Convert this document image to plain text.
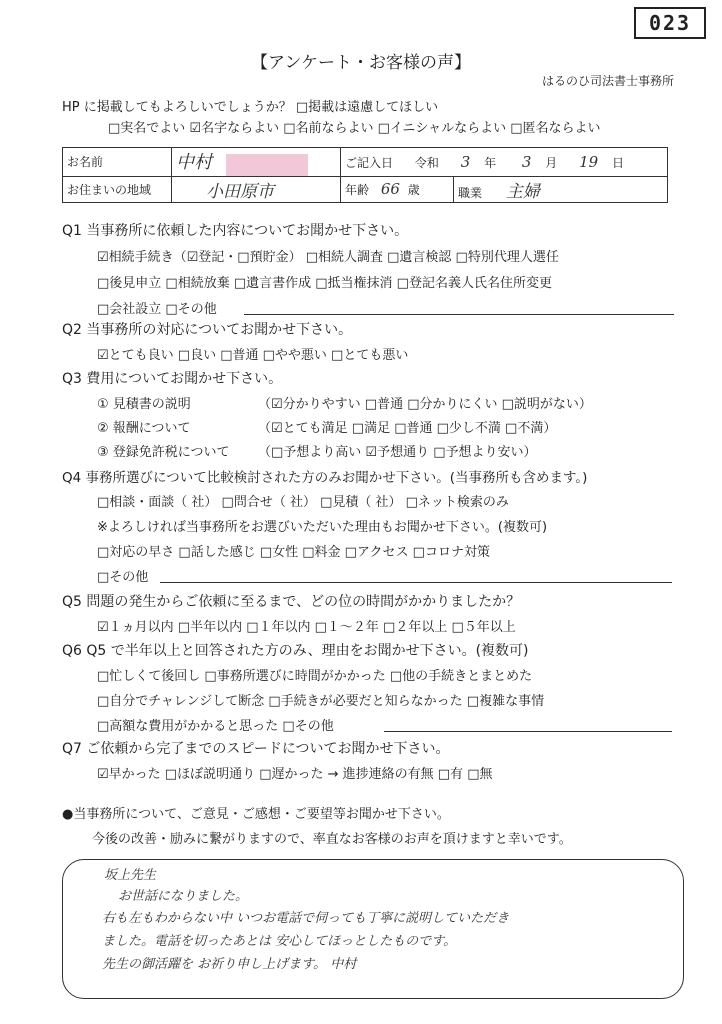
023
【アンケート・お客様の声】
はるのひ司法書士事務所
HP に掲載してもよろしいでしょうか？ □掲載は遠慮してほしい
□実名でよい ☑名字ならよい □名前ならよい □イニシャルならよい □匿名ならよい
お名前	中村	ご記入日 令和 3 年 3 月 19 日	
お住まいの地域	小田原市	年齢 66 歳	職業 主婦
Q1 当事務所に依頼した内容についてお聞かせ下さい。
☑相続手続き（☑登記・□預貯金） □相続人調査 □遺言検認 □特別代理人選任
□後見申立 □相続放棄 □遺言書作成 □抵当権抹消 □登記名義人氏名住所変更
□会社設立 □その他
Q2 当事務所の対応についてお聞かせ下さい。
☑とても良い □良い □普通 □やや悪い □とても悪い
Q3 費用についてお聞かせ下さい。
① 見積書の説明	（☑分かりやすい □普通 □分かりにくい □説明がない）
② 報酬について	（☑とても満足 □満足 □普通 □少し不満 □不満）
③ 登録免許税について （□予想より高い ☑予想通り □予想より安い）
Q4 事務所選びについて比較検討された方のみお聞かせ下さい。(当事務所も含めます。)
□相談・面談（ 社） □問合せ（ 社） □見積（ 社） □ネット検索のみ
※よろしければ当事務所をお選びいただいた理由もお聞かせ下さい。(複数可)
□対応の早さ □話した感じ □女性 □料金 □アクセス □コロナ対策
□その他
Q5 問題の発生からご依頼に至るまで、どの位の時間がかかりましたか？
☑１ヵ月以内 □半年以内 □１年以内 □１～２年 □２年以上 □５年以上
Q6 Q5 で半年以上と回答された方のみ、理由をお聞かせ下さい。(複数可)
□忙しくて後回し □事務所選びに時間がかかった □他の手続きとまとめた
□自分でチャレンジして断念 □手続きが必要だと知らなかった □複雑な事情
□高額な費用がかかると思った □その他
Q7 ご依頼から完了までのスピードについてお聞かせ下さい。
☑早かった □ほぼ説明通り □遅かった → 進捗連絡の有無 □有 □無
●当事務所について、ご意見・ご感想・ご要望等お聞かせ下さい。
今後の改善・励みに繋がりますので、率直なお客様のお声を頂けますと幸いです。
坂上先生
お世話になりました。
右も左もわからない中 いつお電話で伺っても丁寧に説明していただき
ました。電話を切ったあとは 安心してほっとしたものです。
先生の御活躍を お祈り申し上げます。 中村
